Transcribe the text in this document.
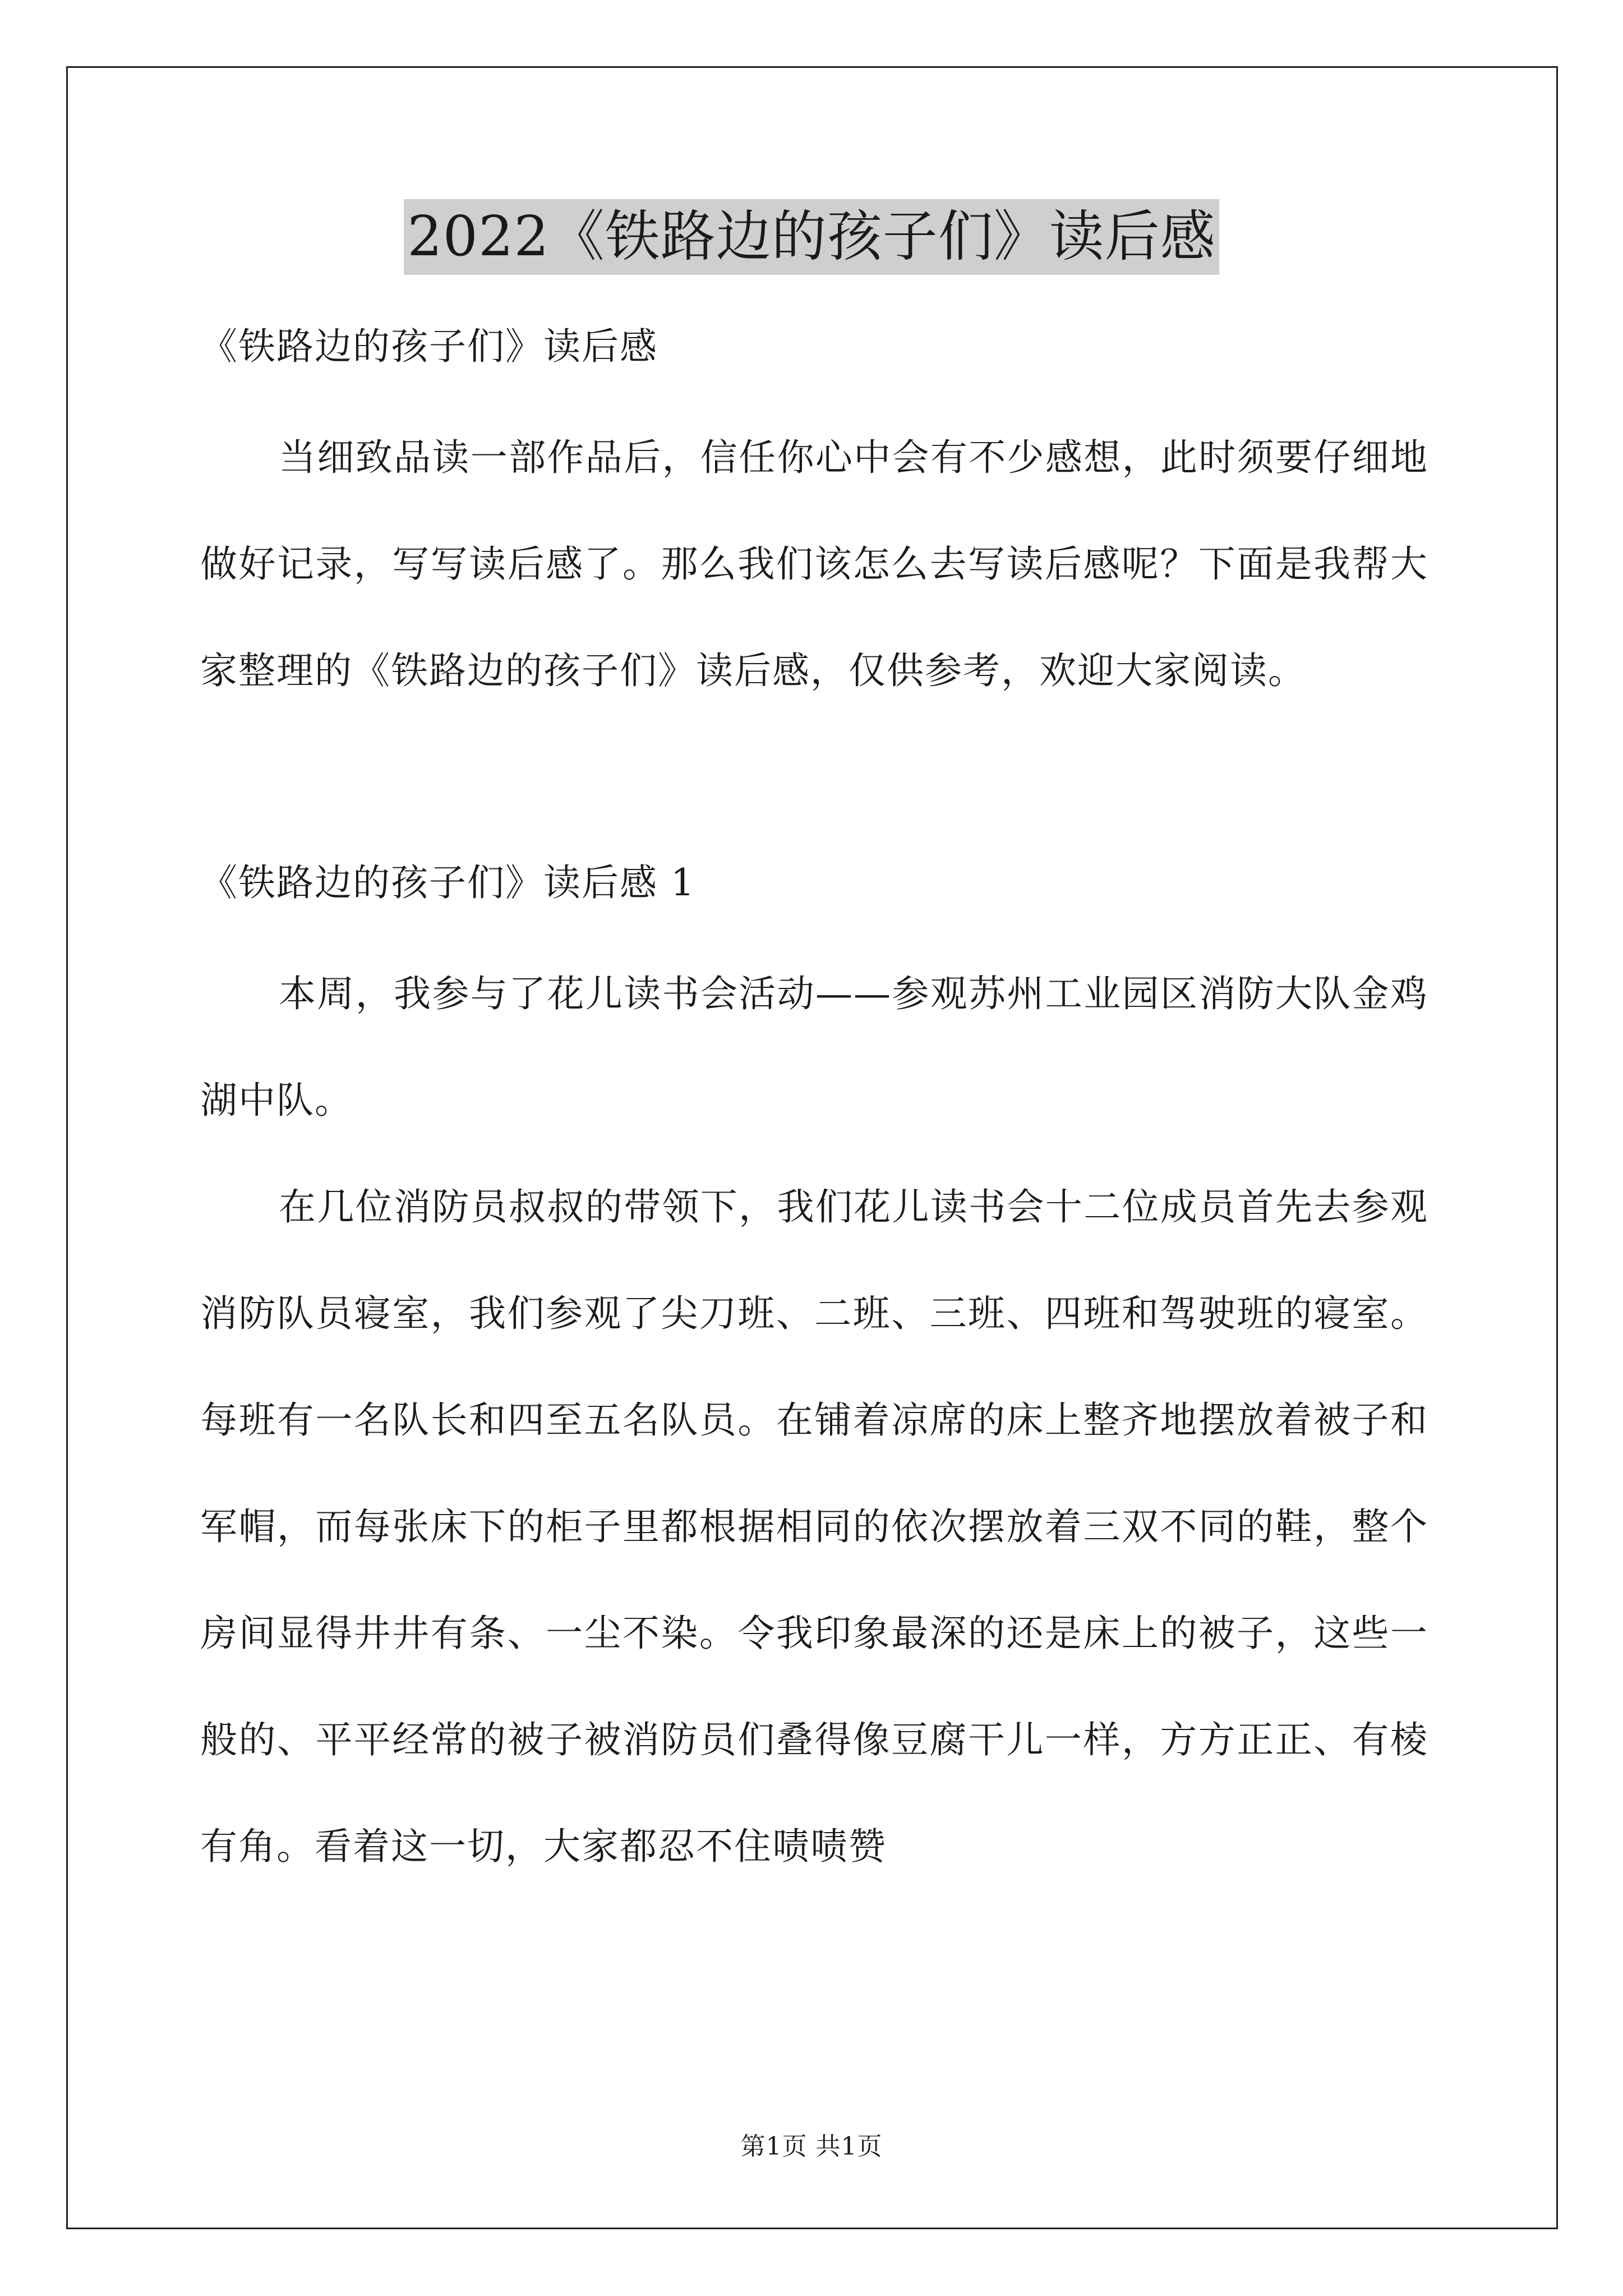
2022《铁路边的孩子们》读后感

《铁路边的孩子们》读后感

当细致品读一部作品后，信任你心中会有不少感想，此时须要仔细地做好记录，写写读后感了。那么我们该怎么去写读后感呢？下面是我帮大家整理的《铁路边的孩子们》读后感，仅供参考，欢迎大家阅读。

《铁路边的孩子们》读后感 1

本周，我参与了花儿读书会活动——参观苏州工业园区消防大队金鸡湖中队。

在几位消防员叔叔的带领下，我们花儿读书会十二位成员首先去参观消防队员寝室，我们参观了尖刀班、二班、三班、四班和驾驶班的寝室。每班有一名队长和四至五名队员。在铺着凉席的床上整齐地摆放着被子和军帽，而每张床下的柜子里都根据相同的依次摆放着三双不同的鞋，整个房间显得井井有条、一尘不染。令我印象最深的还是床上的被子，这些一般的、平平经常的被子被消防员们叠得像豆腐干儿一样，方方正正、有棱有角。看着这一切，大家都忍不住啧啧赞

第1页 共1页
